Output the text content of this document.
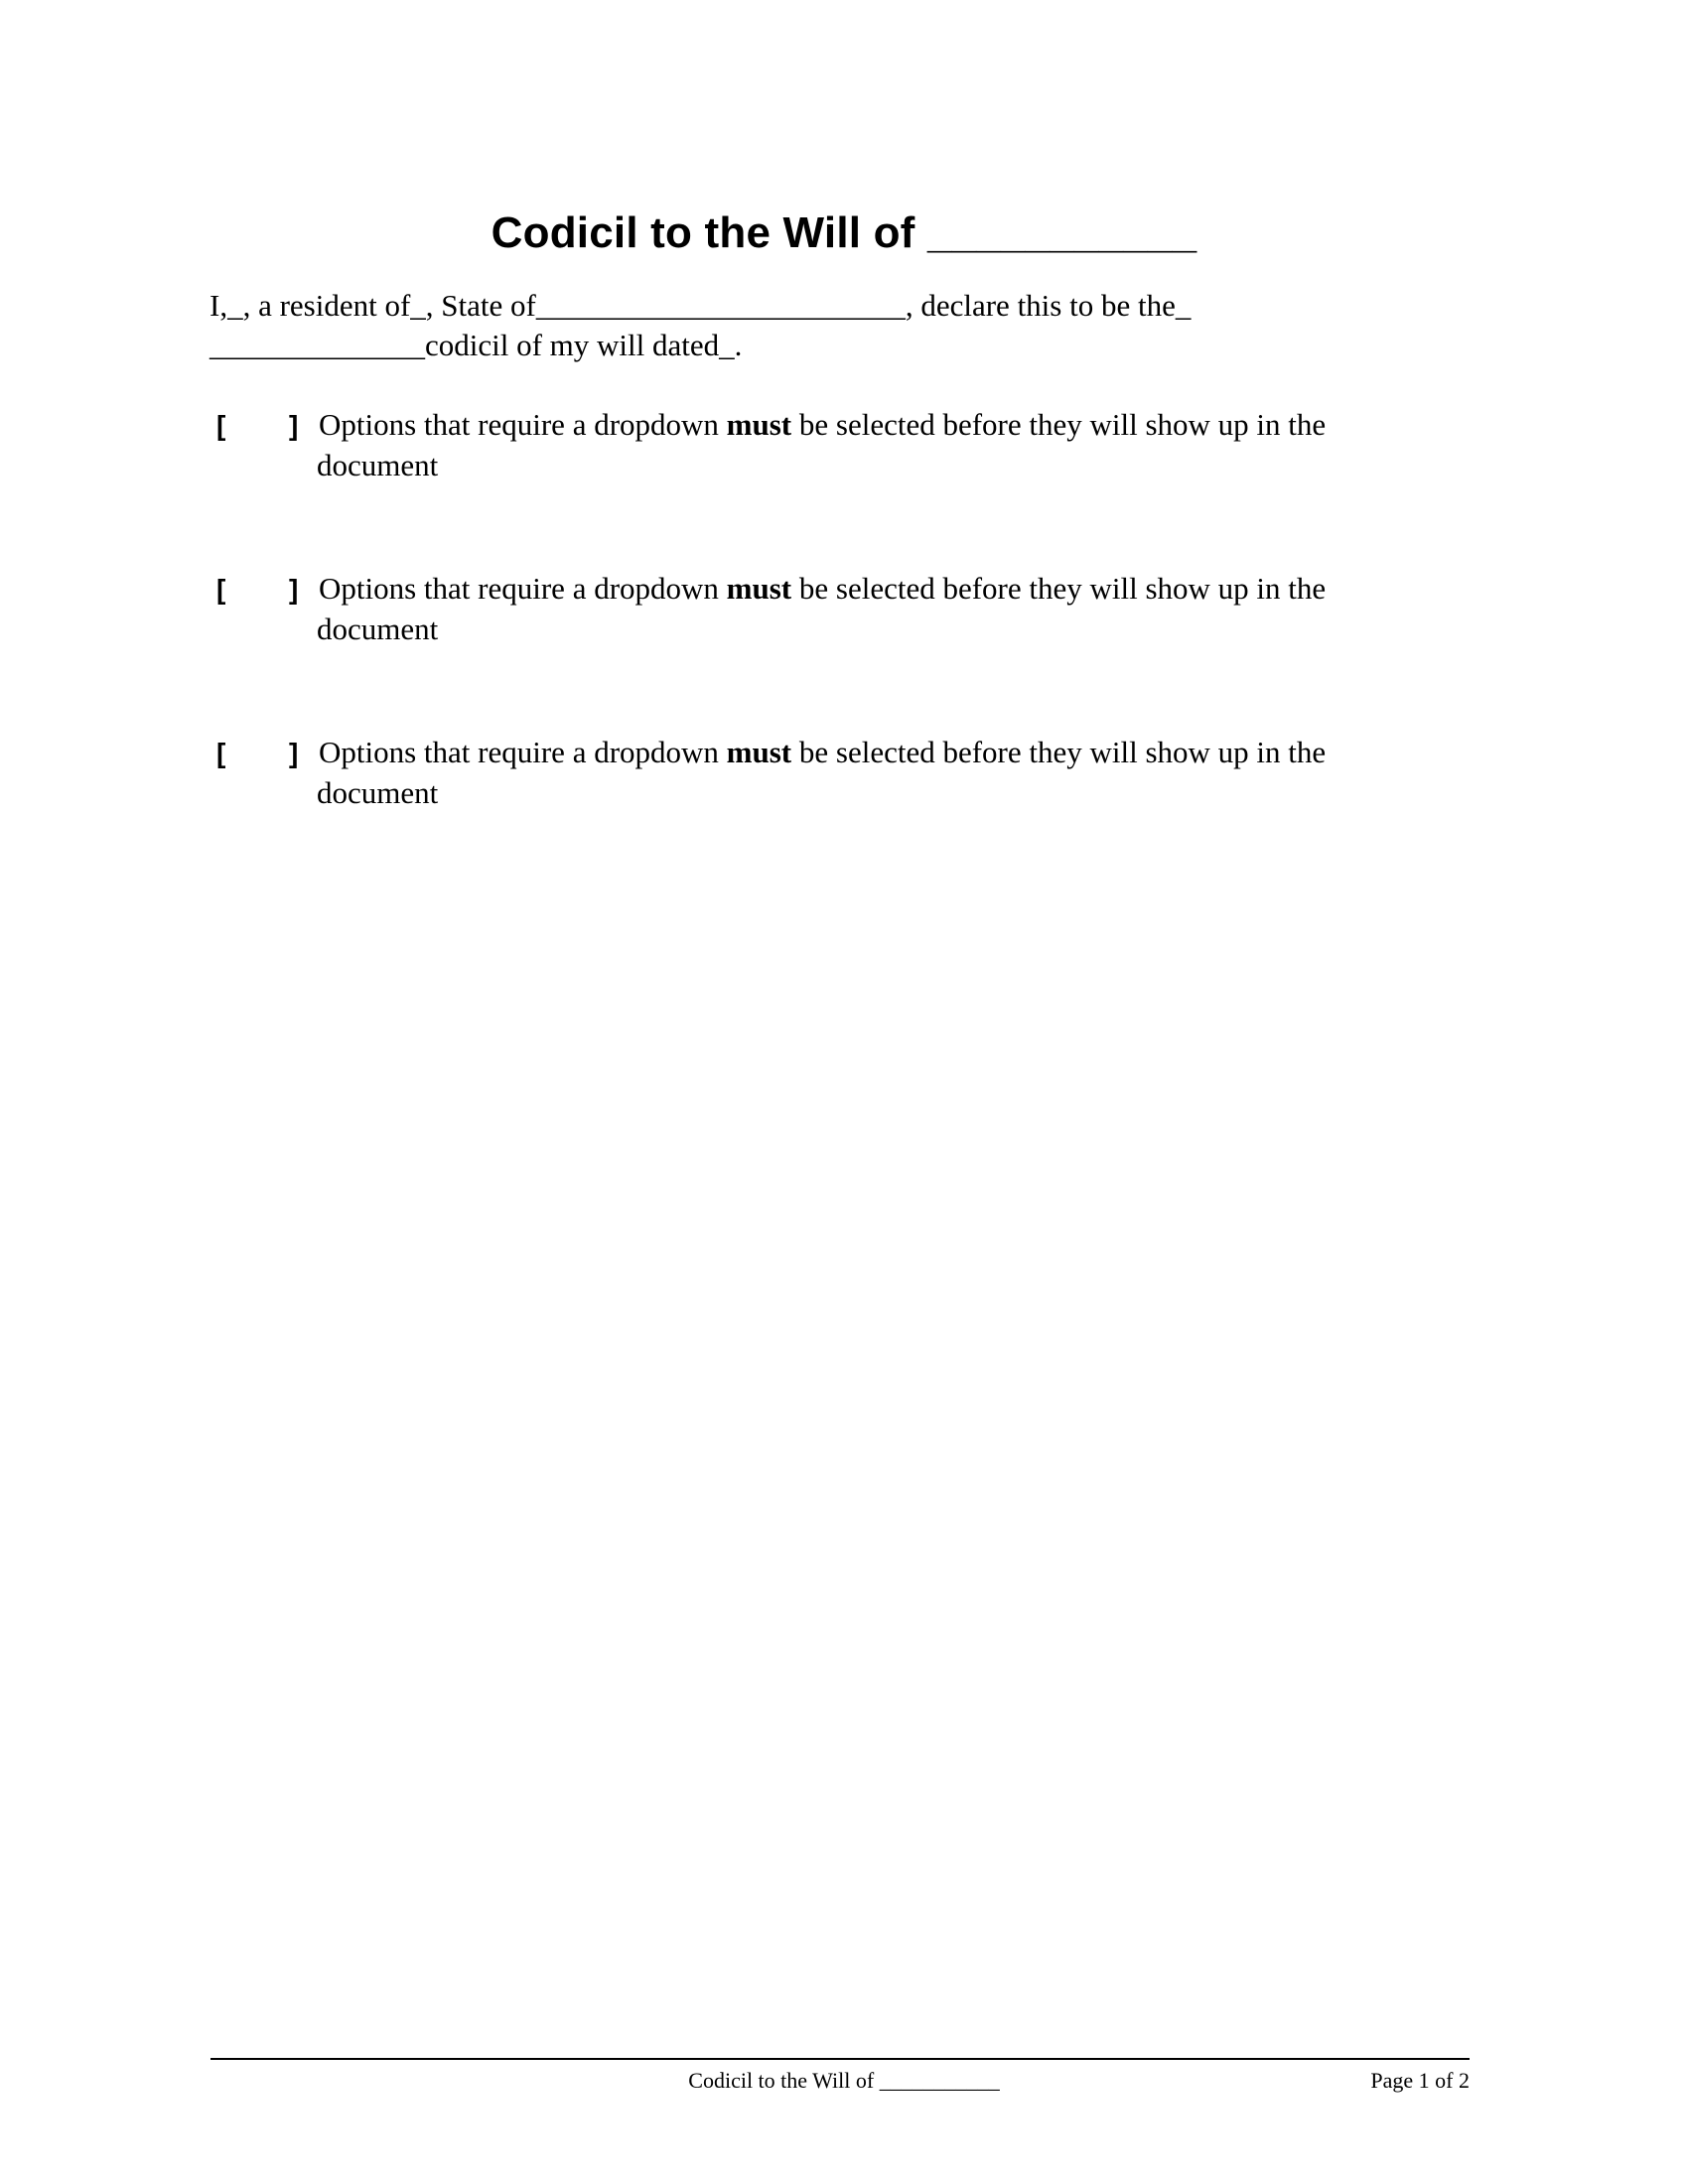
Codicil to the Will of ___________
I,_, a resident of_, State of________________________, declare this to be the_
______________codicil of my will dated_.
[ ] Options that require a dropdown must be selected before they will show up in the
document
[ ] Options that require a dropdown must be selected before they will show up in the
document
[ ] Options that require a dropdown must be selected before they will show up in the
document
Codicil to the Will of ___________	Page 1 of 2
